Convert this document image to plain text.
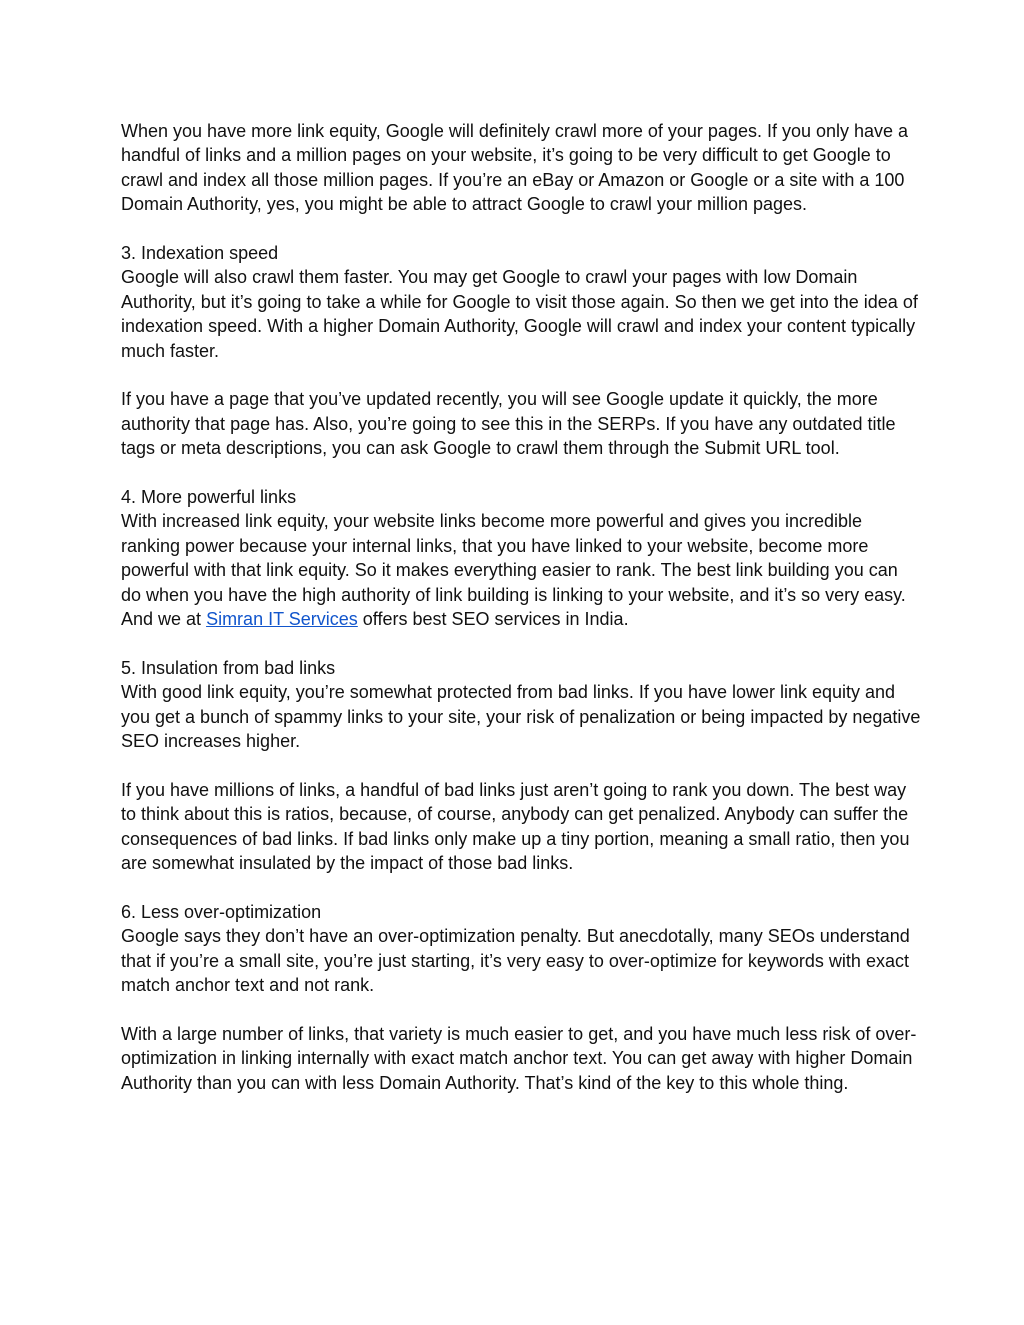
When you have more link equity, Google will definitely crawl more of your pages. If you only have a handful of links and a million pages on your website, it’s going to be very difficult to get Google to crawl and index all those million pages. If you’re an eBay or Amazon or Google or a site with a 100 Domain Authority, yes, you might be able to attract Google to crawl your million pages.

3. Indexation speed

Google will also crawl them faster. You may get Google to crawl your pages with low Domain Authority, but it’s going to take a while for Google to visit those again. So then we get into the idea of indexation speed. With a higher Domain Authority, Google will crawl and index your content typically much faster.

If you have a page that you’ve updated recently, you will see Google update it quickly, the more authority that page has. Also, you’re going to see this in the SERPs. If you have any outdated title tags or meta descriptions, you can ask Google to crawl them through the Submit URL tool.

4. More powerful links

With increased link equity, your website links become more powerful and gives you incredible ranking power because your internal links, that you have linked to your website, become more powerful with that link equity. So it makes everything easier to rank. The best link building you can do when you have the high authority of link building is linking to your website, and it’s so very easy. And we at Simran IT Services offers best SEO services in India.

5. Insulation from bad links

With good link equity, you’re somewhat protected from bad links. If you have lower link equity and you get a bunch of spammy links to your site, your risk of penalization or being impacted by negative SEO increases higher.

If you have millions of links, a handful of bad links just aren’t going to rank you down. The best way to think about this is ratios, because, of course, anybody can get penalized. Anybody can suffer the consequences of bad links. If bad links only make up a tiny portion, meaning a small ratio, then you are somewhat insulated by the impact of those bad links.

6. Less over-optimization

Google says they don’t have an over-optimization penalty. But anecdotally, many SEOs understand that if you’re a small site, you’re just starting, it’s very easy to over-optimize for keywords with exact match anchor text and not rank.

With a large number of links, that variety is much easier to get, and you have much less risk of over-optimization in linking internally with exact match anchor text. You can get away with higher Domain Authority than you can with less Domain Authority. That’s kind of the key to this whole thing.
